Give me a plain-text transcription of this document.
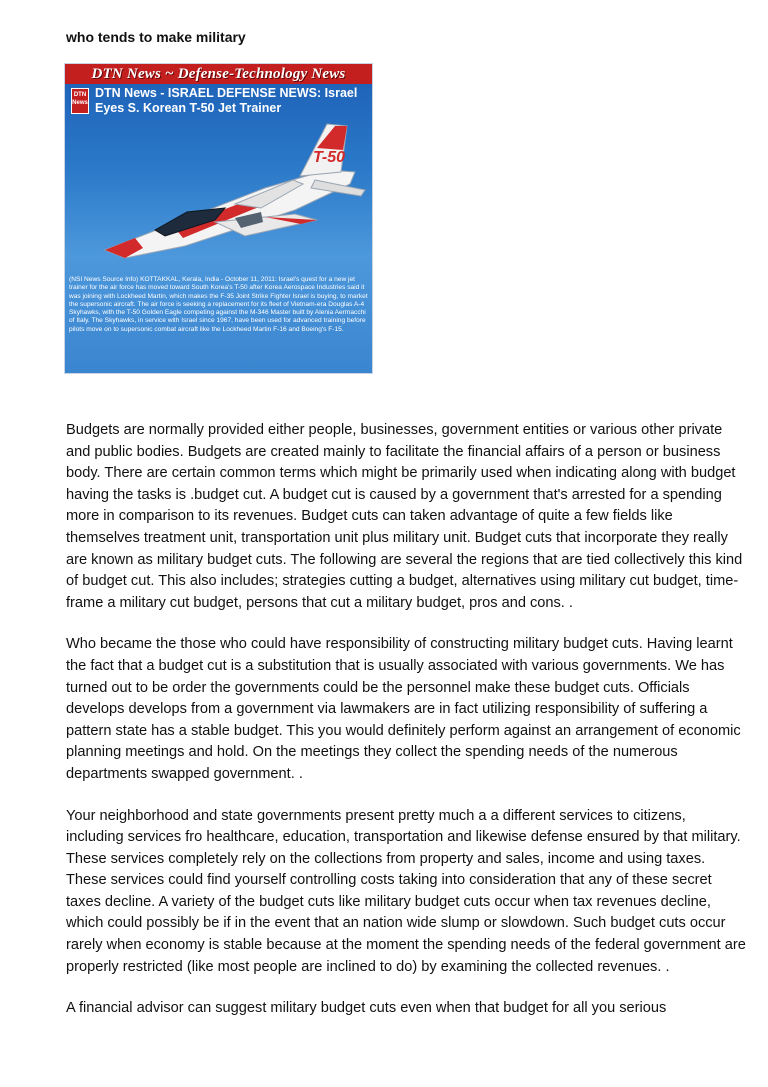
who tends to make military
DTN News ~ Defense-Technology News
DTN News
DTN News - ISRAEL DEFENSE NEWS: Israel Eyes S. Korean T-50 Jet Trainer
T-50
(NSI News Source Info) KOTTAKKAL, Kerala, India - October 11, 2011: Israel's quest for a new jet trainer for the air force has moved toward South Korea's T-50 after Korea Aerospace Industries said it was joining with Lockheed Martin, which makes the F-35 Joint Strike Fighter Israel is buying, to market the supersonic aircraft. The air force is seeking a replacement for its fleet of Vietnam-era Douglas A-4 Skyhawks, with the T-50 Golden Eagle competing against the M-346 Master built by Alenia Aermacchi of Italy. The Skyhawks, in service with Israel since 1967, have been used for advanced training before pilots move on to supersonic combat aircraft like the Lockheed Martin F-16 and Boeing's F-15.

Budgets are normally provided either people, businesses, government entities or various other private and public bodies. Budgets are created mainly to facilitate the financial affairs of a person or business body. There are certain common terms which might be primarily used when indicating along with budget having the tasks is .budget cut. A budget cut is caused by a government that's arrested for a spending more in comparison to its revenues. Budget cuts can taken advantage of quite a few fields like themselves treatment unit, transportation unit plus military unit. Budget cuts that incorporate they really are known as military budget cuts. The following are several the regions that are tied collectively this kind of budget cut. This also includes; strategies cutting a budget, alternatives using military cut budget, time-frame a military cut budget, persons that cut a military budget, pros and cons. .

Who became the those who could have responsibility of constructing military budget cuts. Having learnt the fact that a budget cut is a substitution that is usually associated with various governments. We has turned out to be order the governments could be the personnel make these budget cuts. Officials develops develops from a government via lawmakers are in fact utilizing responsibility of suffering a pattern state has a stable budget. This you would definitely perform against an arrangement of economic planning meetings and hold. On the meetings they collect the spending needs of the numerous departments swapped government. .

Your neighborhood and state governments present pretty much a a different services to citizens, including services fro healthcare, education, transportation and likewise defense ensured by that military. These services completely rely on the collections from property and sales, income and using taxes. These services could find yourself controlling costs taking into consideration that any of these secret taxes decline. A variety of the budget cuts like military budget cuts occur when tax revenues decline, which could possibly be if in the event that an nation wide slump or slowdown. Such budget cuts occur rarely when economy is stable because at the moment the spending needs of the federal government are properly restricted (like most people are inclined to do) by examining the collected revenues. .

A financial advisor can suggest military budget cuts even when that budget for all you serious
